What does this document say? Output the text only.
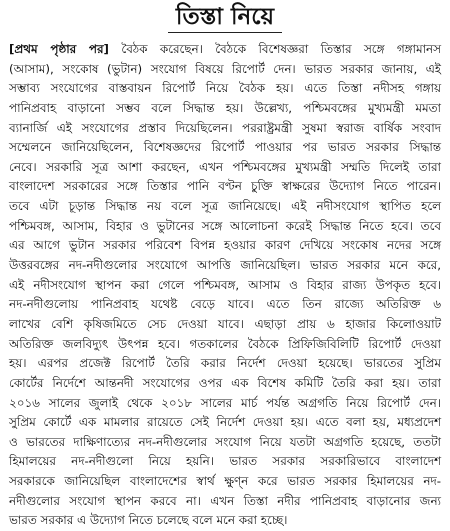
তিস্তা নিয়ে
[প্রথম পৃষ্ঠার পর] বৈঠক করেছেন। বৈঠকে বিশেষজ্ঞরা তিস্তার সঙ্গে গঙ্গামানস
(আসাম), সংকোষ (ভুটান) সংযোগ বিষয়ে রিপোর্ট দেন। ভারত সরকার জানায়, এই
সম্ভাব্য সংযোগের বাস্তবায়ন রিপোর্ট নিয়ে বৈঠক হয়। এতে তিস্তা নদীসহ গঙ্গায়
পানিপ্রবাহ বাড়ানো সম্ভব বলে সিদ্ধান্ত হয়। উল্লেখ্য, পশ্চিমবঙ্গের মুখ্যমন্ত্রী মমতা
ব্যানার্জি এই সংযোগের প্রস্তাব দিয়েছিলেন। পররাষ্ট্রমন্ত্রী সুষমা স্বরাজ বার্ষিক সংবাদ
সম্মেলনে জানিয়েছিলেন, বিশেষজ্ঞদের রিপোর্ট পাওয়ার পর ভারত সরকার সিদ্ধান্ত
নেবে। সরকারি সূত্র আশা করছেন, এখন পশ্চিমবঙ্গের মুখ্যমন্ত্রী সম্মতি দিলেই তারা
বাংলাদেশ সরকারের সঙ্গে তিস্তার পানি বণ্টন চুক্তি স্বাক্ষরের উদ্যোগ নিতে পারেন।
তবে এটা চূড়ান্ত সিদ্ধান্ত নয় বলে সূত্র জানিয়েছে। এই নদীসংযোগ স্থাপিত হলে
পশ্চিমবঙ্গ, আসাম, বিহার ও ভুটানের সঙ্গে আলোচনা করেই সিদ্ধান্ত নিতে হবে। তবে
এর আগে ভুটান সরকার পরিবেশ বিপন্ন হওয়ার কারণ দেখিয়ে সংকোষ নদের সঙ্গে
উত্তরবঙ্গের নদ-নদীগুলোর সংযোগে আপত্তি জানিয়েছিল। ভারত সরকার মনে করে,
এই নদীসংযোগ স্থাপন করা গেলে পশ্চিমবঙ্গ, আসাম ও বিহার রাজ্য উপকৃত হবে।
নদ-নদীগুলোয় পানিপ্রবাহ যথেষ্ট বেড়ে যাবে। এতে তিন রাজ্যে অতিরিক্ত ৬
লাখের বেশি কৃষিজমিতে সেচ দেওয়া যাবে। এছাড়া প্রায় ৬ হাজার কিলোওয়াট
অতিরিক্ত জলবিদ্যুৎ উৎপন্ন হবে। গতকালের বৈঠকে প্রিফিজিবিলিটি রিপোর্ট দেওয়া
হয়। এরপর প্রজেক্ট রিপোর্ট তৈরি করার নির্দেশ দেওয়া হয়েছে। ভারতের সুপ্রিম
কোর্টের নির্দেশে আন্তনদী সংযোগের ওপর এক বিশেষ কমিটি তৈরি করা হয়। তারা
২০১৬ সালের জুলাই থেকে ২০১৮ সালের মার্চ পর্যন্ত অগ্রগতি নিয়ে রিপোর্ট দেন।
সুপ্রিম কোর্টে এক মামলার রায়েতে সেই নির্দেশ দেওয়া হয়। এতে বলা হয়, মধ্যপ্রদেশ
ও ভারতের দাক্ষিণাত্যের নদ-নদীগুলোর সংযোগ নিয়ে যতটা অগ্রগতি হয়েছে, ততটা
হিমালয়ের নদ-নদীগুলো নিয়ে হয়নি। ভারত সরকার সরকারিভাবে বাংলাদেশ
সরকারকে জানিয়েছিল বাংলাদেশের স্বার্থ ক্ষুণ্ন করে ভারত সরকার হিমালয়ের নদ-
নদীগুলোর সংযোগ স্থাপন করবে না। এখন তিস্তা নদীর পানিপ্রবাহ বাড়ানোর জন্য
ভারত সরকার এ উদ্যোগ নিতে চলেছে বলে মনে করা হচ্ছে।
